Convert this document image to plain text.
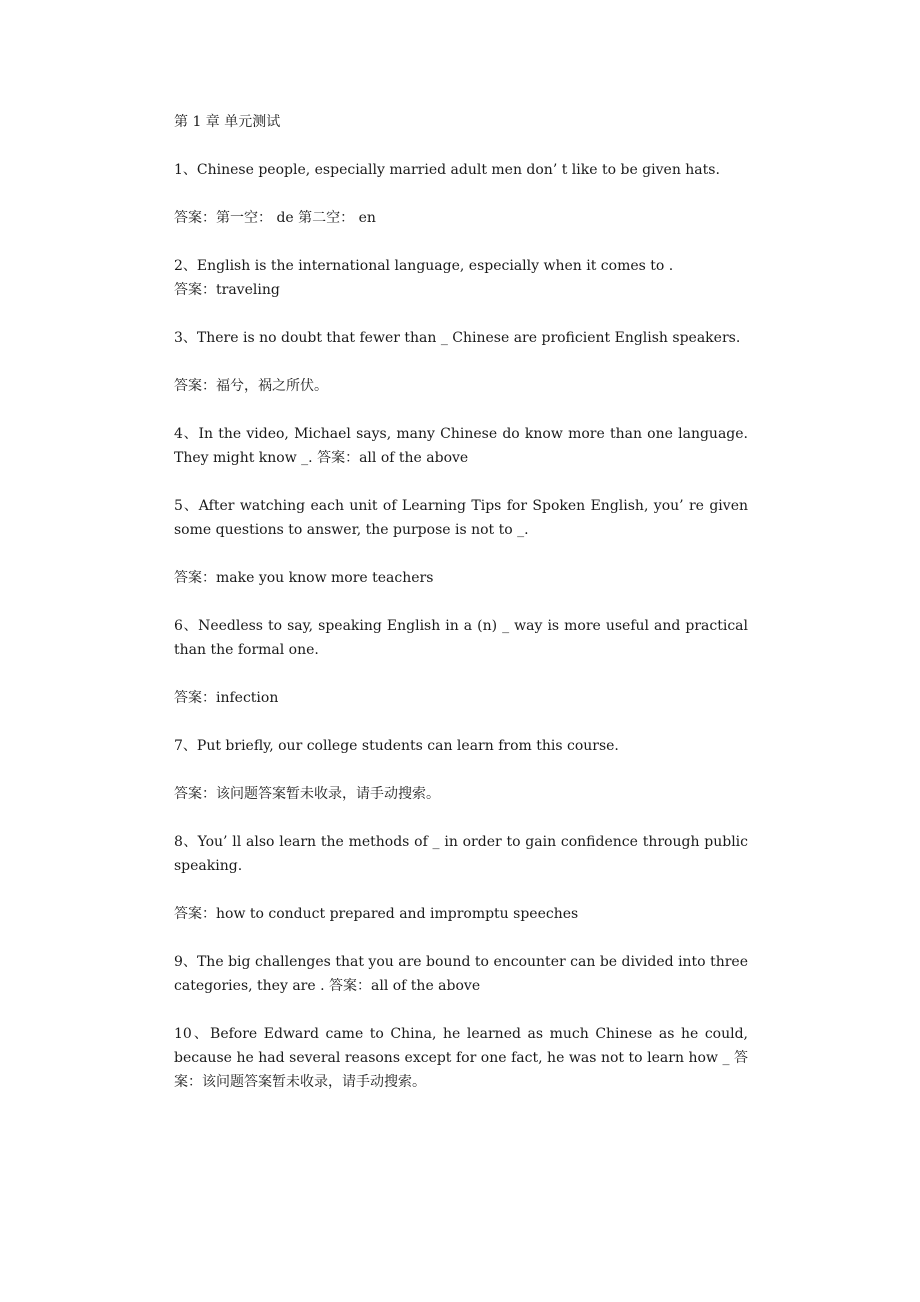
第 1 章 单元测试
1、Chinese people, especially married adult men don’ t like to be given hats.
答案：第一空： de 第二空： en
2、English is the international language, especially when it comes to .
答案：traveling
3、There is no doubt that fewer than _ Chinese are proficient English speakers.
答案：福兮，祸之所伏。
4、In the video, Michael says, many Chinese do know more than one language. They might know _. 答案：all of the above
5、After watching each unit of Learning Tips for Spoken English, you’ re given some questions to answer, the purpose is not to _.
答案：make you know more teachers
6、Needless to say, speaking English in a (n) _ way is more useful and practical than the formal one.
答案：infection
7、Put briefly, our college students can learn from this course.
答案：该问题答案暂未收录，请手动搜索。
8、You’ ll also learn the methods of _ in order to gain confidence through public speaking.
答案：how to conduct prepared and impromptu speeches
9、The big challenges that you are bound to encounter can be divided into three categories, they are . 答案：all of the above
10、Before Edward came to China, he learned as much Chinese as he could, because he had several reasons except for one fact, he was not to learn how _ 答案：该问题答案暂未收录，请手动搜索。
